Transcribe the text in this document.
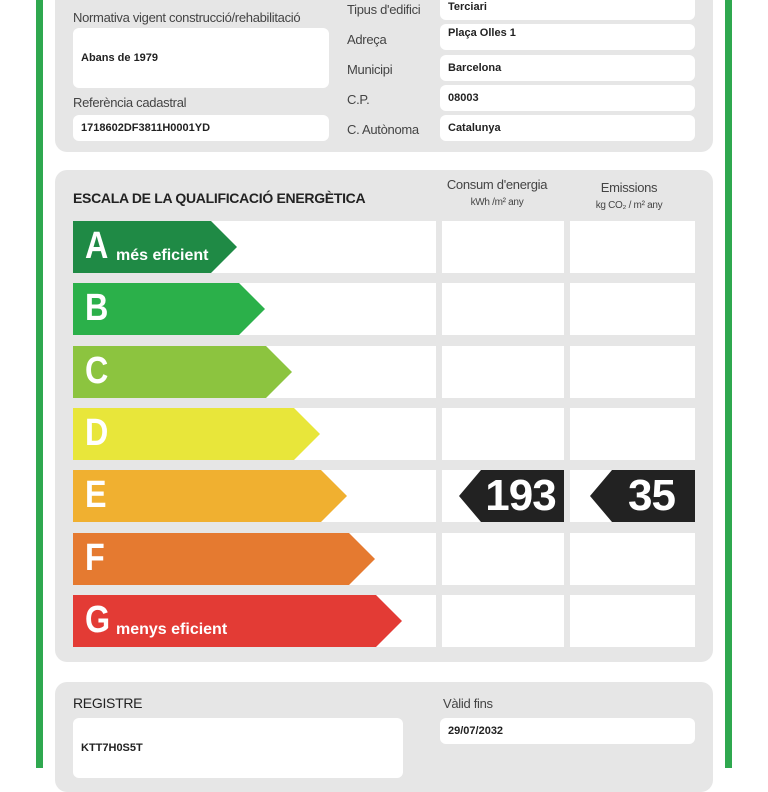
Normativa vigent construcció/rehabilitació
Abans de 1979
Referència cadastral
1718602DF3811H0001YD
Tipus d'edifici	Terciari
Adreça	Plaça Olles 1
Municipi	Barcelona
C.P.	08003
C. Autònoma	Catalunya
ESCALA DE LA QUALIFICACIÓ ENERGÈTICA
Consum d'energia
kWh /m² any
Emissions
kg CO₂ / m² any
A més eficient
B
C
D
E	193	35
F
G menys eficient
REGISTRE
KTT7H0S5T
Vàlid fins
29/07/2032
